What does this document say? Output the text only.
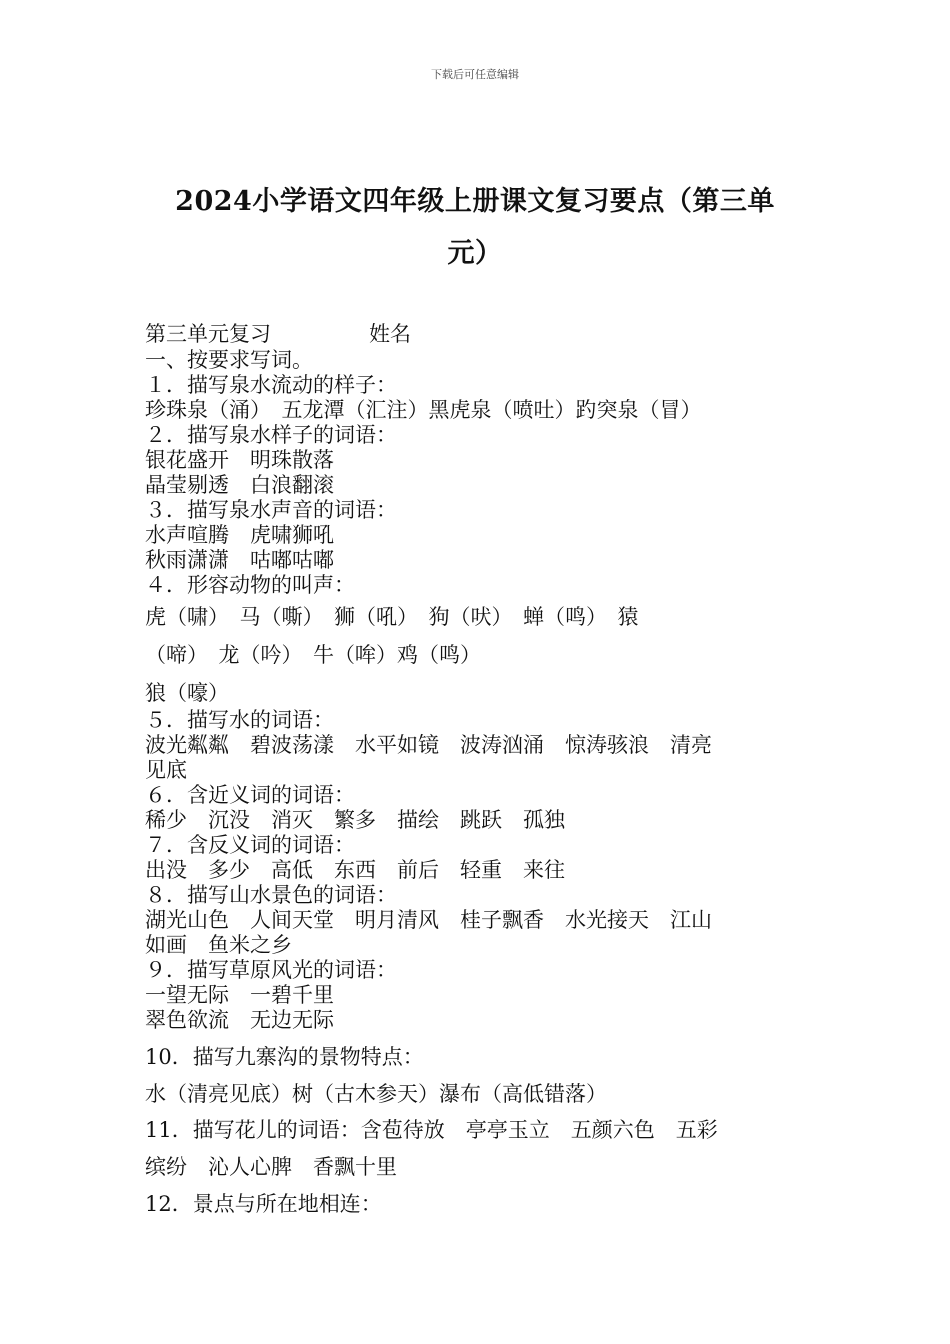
下载后可任意编辑
2024小学语文四年级上册课文复习要点（第三单
元）
第三单元复习	姓名
一、按要求写词。
１．描写泉水流动的样子：
珍珠泉（涌）　五龙潭（汇注）黑虎泉（喷吐）趵突泉（冒）
２．描写泉水样子的词语：
银花盛开　明珠散落
晶莹剔透　白浪翻滚
３．描写泉水声音的词语：
水声喧腾　虎啸狮吼
秋雨潇潇　咕嘟咕嘟
４．形容动物的叫声：
虎（啸）　马（嘶）　狮（吼）　狗（吠）　蝉（鸣）　猿
（啼）　龙（吟）　牛（哞）鸡（鸣）
狼（嚎）
５．描写水的词语：
波光粼粼　碧波荡漾　水平如镜　波涛汹涌　惊涛骇浪　清亮
见底
６．含近义词的词语：
稀少　沉没　消灭　繁多　描绘　跳跃　孤独
７．含反义词的词语：
出没　多少　高低　东西　前后　轻重　来往
８．描写山水景色的词语：
湖光山色　人间天堂　明月清风　桂子飘香　水光接天　江山
如画　鱼米之乡
９．描写草原风光的词语：
一望无际　一碧千里
翠色欲流　无边无际
10．描写九寨沟的景物特点：
水（清亮见底）树（古木参天）瀑布（高低错落）
11．描写花儿的词语：含苞待放　亭亭玉立　五颜六色　五彩
缤纷　沁人心脾　香飘十里
12．景点与所在地相连：
